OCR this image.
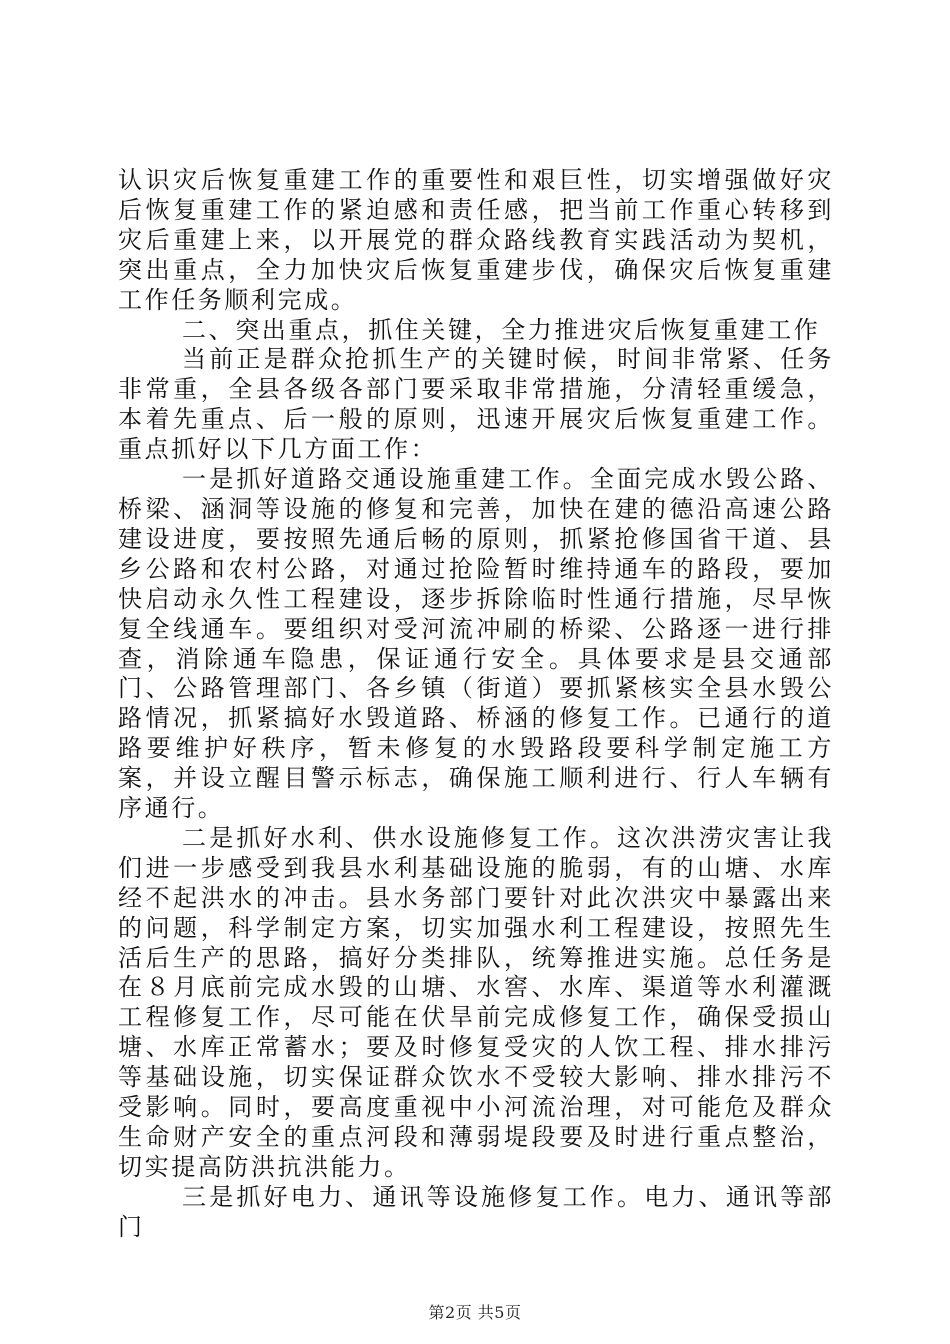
认识灾后恢复重建工作的重要性和艰巨性，切实增强做好灾后恢复重建工作的紧迫感和责任感，把当前工作重心转移到灾后重建上来，以开展党的群众路线教育实践活动为契机，突出重点，全力加快灾后恢复重建步伐，确保灾后恢复重建工作任务顺利完成。

二、突出重点，抓住关键，全力推进灾后恢复重建工作

当前正是群众抢抓生产的关键时候，时间非常紧、任务非常重，全县各级各部门要采取非常措施，分清轻重缓急，本着先重点、后一般的原则，迅速开展灾后恢复重建工作。重点抓好以下几方面工作：

一是抓好道路交通设施重建工作。全面完成水毁公路、桥梁、涵洞等设施的修复和完善，加快在建的德沿高速公路建设进度，要按照先通后畅的原则，抓紧抢修国省干道、县乡公路和农村公路，对通过抢险暂时维持通车的路段，要加快启动永久性工程建设，逐步拆除临时性通行措施，尽早恢复全线通车。要组织对受河流冲刷的桥梁、公路逐一进行排查，消除通车隐患，保证通行安全。具体要求是县交通部门、公路管理部门、各乡镇（街道）要抓紧核实全县水毁公路情况，抓紧搞好水毁道路、桥涵的修复工作。已通行的道路要维护好秩序，暂未修复的水毁路段要科学制定施工方案，并设立醒目警示标志，确保施工顺利进行、行人车辆有序通行。

二是抓好水利、供水设施修复工作。这次洪涝灾害让我们进一步感受到我县水利基础设施的脆弱，有的山塘、水库经不起洪水的冲击。县水务部门要针对此次洪灾中暴露出来的问题，科学制定方案，切实加强水利工程建设，按照先生活后生产的思路，搞好分类排队，统筹推进实施。总任务是在８月底前完成水毁的山塘、水窖、水库、渠道等水利灌溉工程修复工作，尽可能在伏旱前完成修复工作，确保受损山塘、水库正常蓄水；要及时修复受灾的人饮工程、排水排污等基础设施，切实保证群众饮水不受较大影响、排水排污不受影响。同时，要高度重视中小河流治理，对可能危及群众生命财产安全的重点河段和薄弱堤段要及时进行重点整治，切实提高防洪抗洪能力。

三是抓好电力、通讯等设施修复工作。电力、通讯等部门

第2页 共5页
